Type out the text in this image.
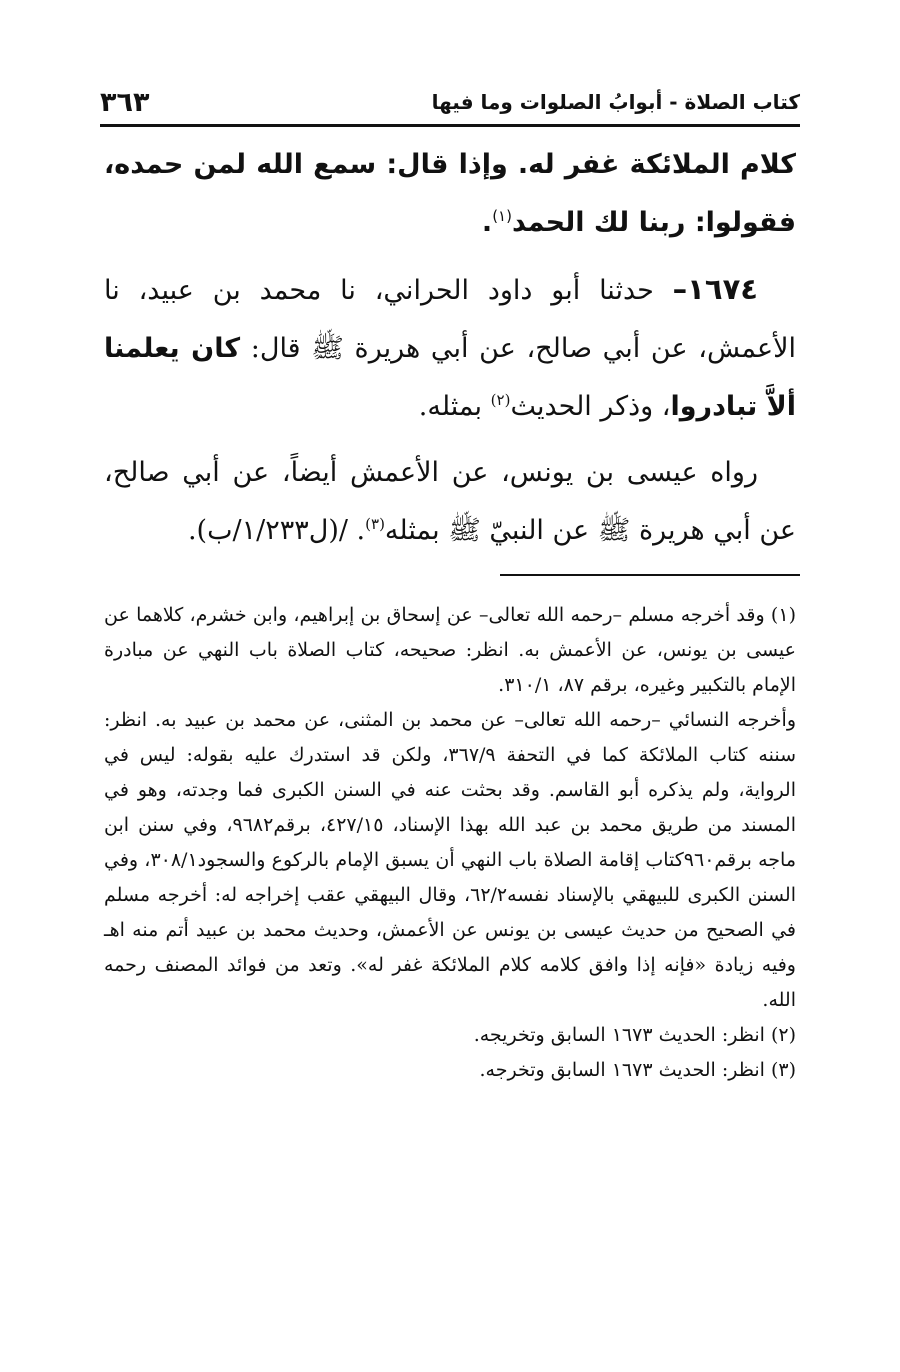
كتاب الصلاة - أبوابُ الصلوات وما فيها
٣٦٣

كلام الملائكة غفر له. وإذا قال: سمع الله لمن حمده، فقولوا: ربنا لك الحمد$^{(١)}$.

١٦٧٤– حدثنا أبو داود الحراني، نا محمد بن عبيد، نا الأعمش، عن أبي صالح، عن أبي هريرة ﷺ قال: كان يعلمنا ألاَّ تبادروا، وذكر الحديث$^{(٢)}$ بمثله.

رواه عيسى بن يونس، عن الأعمش أيضاً، عن أبي صالح، عن أبي هريرة ﷺ عن النبيّ ﷺ بمثله$^{(٣)}$. /(ل١/٢٣٣/ب).

(١) وقد أخرجه مسلم –رحمه الله تعالى– عن إسحاق بن إبراهيم، وابن خشرم، كلاهما عن عيسى بن يونس، عن الأعمش به. انظر: صحيحه، كتاب الصلاة باب النهي عن مبادرة الإمام بالتكبير وغيره، برقم ٨٧، ٣١٠/١.

وأخرجه النسائي –رحمه الله تعالى– عن محمد بن المثنى، عن محمد بن عبيد به. انظر: سننه كتاب الملائكة كما في التحفة ٣٦٧/٩، ولكن قد استدرك عليه بقوله: ليس في الرواية، ولم يذكره أبو القاسم. وقد بحثت عنه في السنن الكبرى فما وجدته، وهو في المسند من طريق محمد بن عبد الله بهذا الإسناد، ٤٢٧/١٥، برقم٩٦٨٢، وفي سنن ابن ماجه برقم٩٦٠كتاب إقامة الصلاة باب النهي أن يسبق الإمام بالركوع والسجود٣٠٨/١، وفي السنن الكبرى للبيهقي بالإسناد نفسه٦٢/٢، وقال البيهقي عقب إخراجه له: أخرجه مسلم في الصحيح من حديث عيسى بن يونس عن الأعمش، وحديث محمد بن عبيد أتم منه اهـ وفيه زيادة «فإنه إذا وافق كلامه كلام الملائكة غفر له». وتعد من فوائد المصنف رحمه الله.

(٢) انظر: الحديث ١٦٧٣ السابق وتخريجه.

(٣) انظر: الحديث ١٦٧٣ السابق وتخرجه.
